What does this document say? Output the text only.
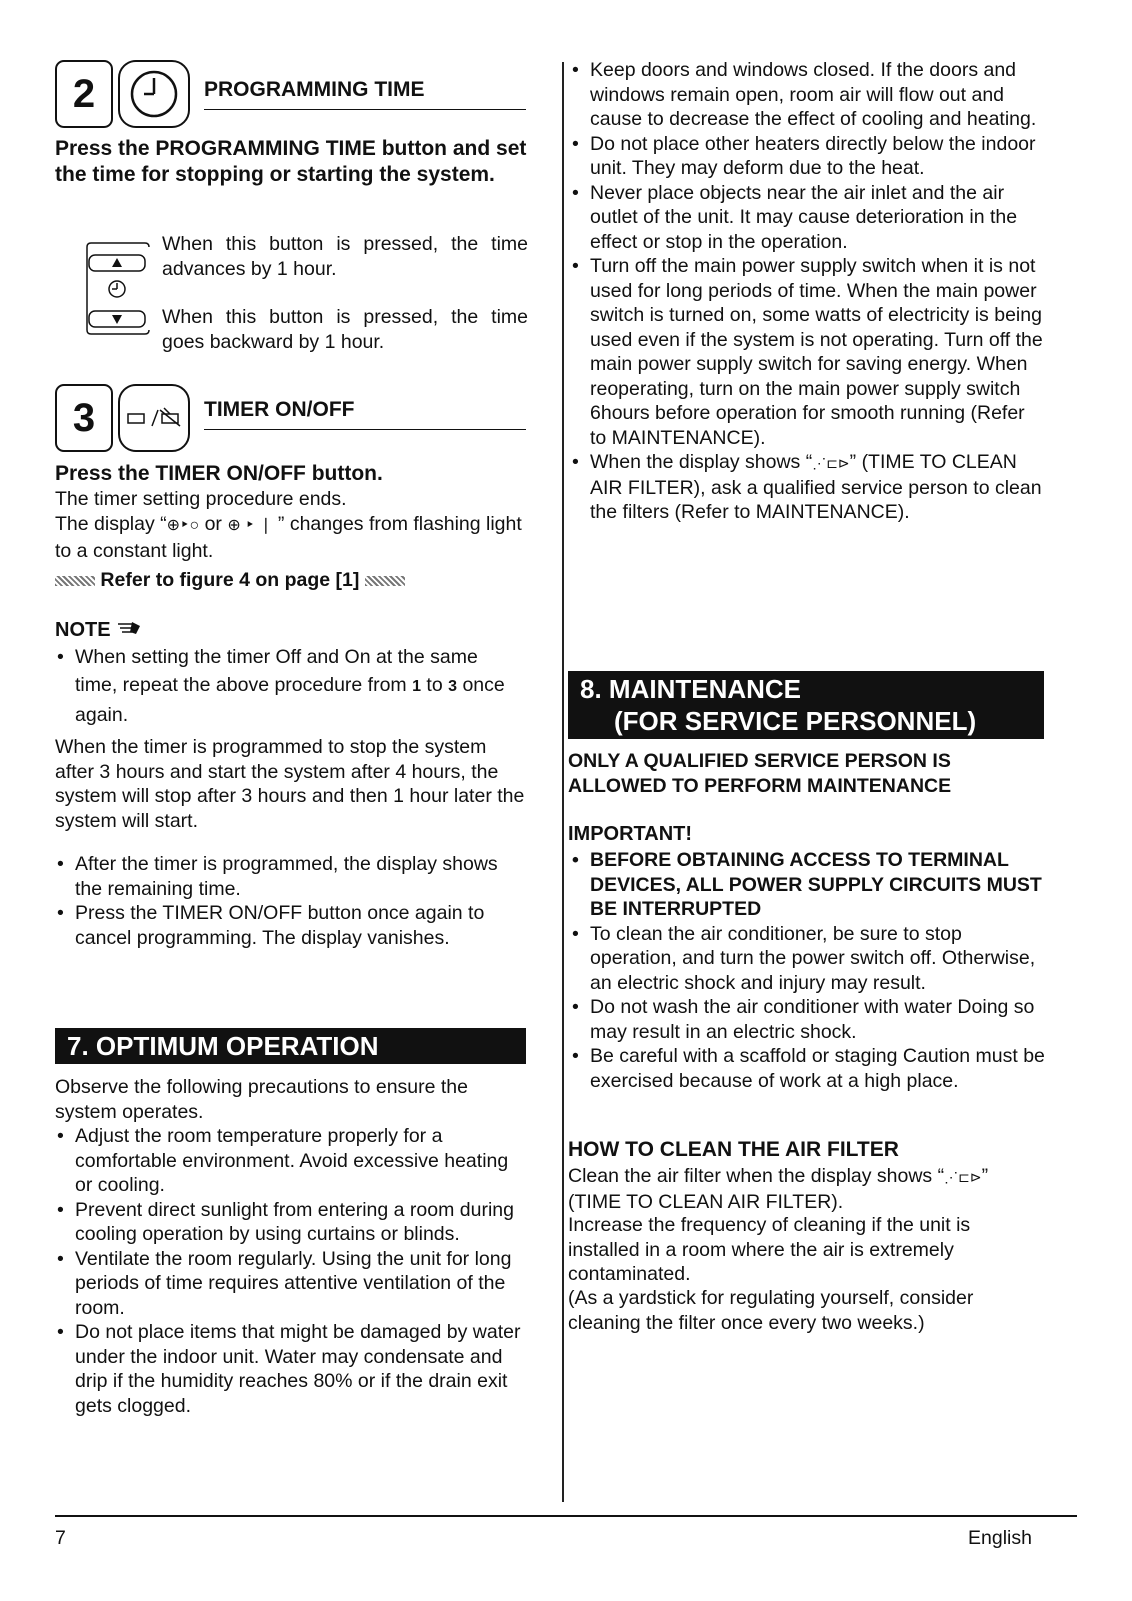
2	PROGRAMMING TIME
Press the PROGRAMMING TIME button and set the time for stopping or starting the system.
When this button is pressed, the time advances by 1 hour.
When this button is pressed, the time goes backward by 1 hour.
3	TIMER ON/OFF
Press the TIMER ON/OFF button.
The timer setting procedure ends.
The display “⊕‣○ or ⊕ ‣ ❘ ” changes from flashing light to a constant light.
Refer to figure 4 on page [1]
NOTE
• When setting the timer Off and On at the same time, repeat the above procedure from 1 to 3 once again.
When the timer is programmed to stop the system after 3 hours and start the system after 4 hours, the system will stop after 3 hours and then 1 hour later the system will start.
• After the timer is programmed, the display shows the remaining time.
• Press the TIMER ON/OFF button once again to cancel programming. The display vanishes.
7. OPTIMUM OPERATION
Observe the following precautions to ensure the system operates.
• Adjust the room temperature properly for a comfortable environment. Avoid excessive heating or cooling.
• Prevent direct sunlight from entering a room during cooling operation by using curtains or blinds.
• Ventilate the room regularly. Using the unit for long periods of time requires attentive ventilation of the room.
• Do not place items that might be damaged by water under the indoor unit. Water may condensate and drip if the humidity reaches 80% or if the drain exit gets clogged.
• Keep doors and windows closed. If the doors and windows remain open, room air will flow out and cause to decrease the effect of cooling and heating.
• Do not place other heaters directly below the indoor unit. They may deform due to the heat.
• Never place objects near the air inlet and the air outlet of the unit. It may cause deterioration in the effect or stop in the operation.
• Turn off the main power supply switch when it is not used for long periods of time. When the main power switch is turned on, some watts of electricity is being used even if the system is not operating. Turn off the main power supply switch for saving energy. When reoperating, turn on the main power supply switch 6hours before operation for smooth running (Refer to MAINTENANCE).
• When the display shows “⋰⊏⊳” (TIME TO CLEAN AIR FILTER), ask a qualified service person to clean the filters (Refer to MAINTENANCE).
8. MAINTENANCE
(FOR SERVICE PERSONNEL)
ONLY A QUALIFIED SERVICE PERSON IS ALLOWED TO PERFORM MAINTENANCE
IMPORTANT!
• BEFORE OBTAINING ACCESS TO TERMINAL DEVICES, ALL POWER SUPPLY CIRCUITS MUST BE INTERRUPTED
• To clean the air conditioner, be sure to stop operation, and turn the power switch off. Otherwise, an electric shock and injury may result.
• Do not wash the air conditioner with water Doing so may result in an electric shock.
• Be careful with a scaffold or staging Caution must be exercised because of work at a high place.
HOW TO CLEAN THE AIR FILTER
Clean the air filter when the display shows “⋰⊏⊳” (TIME TO CLEAN AIR FILTER).
Increase the frequency of cleaning if the unit is installed in a room where the air is extremely contaminated.
(As a yardstick for regulating yourself, consider cleaning the filter once every two weeks.)
7	English
